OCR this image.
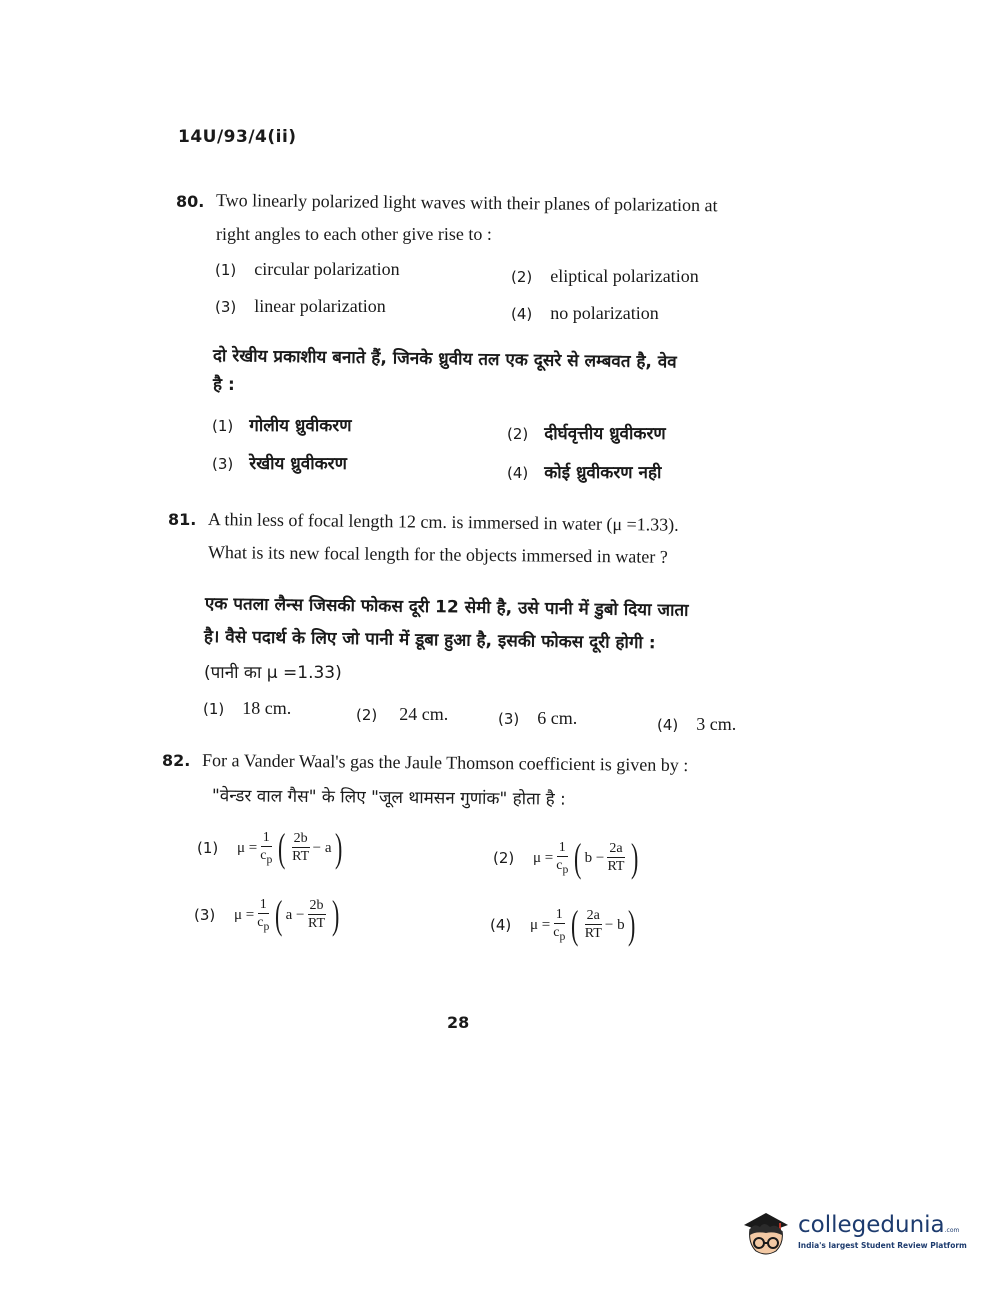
14U/93/4(ii)
80. Two linearly polarized light waves with their planes of polarization at
right angles to each other give rise to :
(1) circular polarization	(2) eliptical polarization
(3) linear polarization	(4) no polarization
दो रेखीय प्रकाशीय बनाते हैं, जिनके ध्रुवीय तल एक दूसरे से लम्बवत है, वेव
है :
(1) गोलीय ध्रुवीकरण	(2) दीर्घवृत्तीय ध्रुवीकरण
(3) रेखीय ध्रुवीकरण	(4) कोई ध्रुवीकरण नही
81. A thin less of focal length 12 cm. is immersed in water (μ =1.33).
What is its new focal length for the objects immersed in water ?
एक पतला लैन्स जिसकी फोकस दूरी 12 सेमी है, उसे पानी में डुबो दिया जाता
है। वैसे पदार्थ के लिए जो पानी में डूबा हुआ है, इसकी फोकस दूरी होगी :
(पानी का μ =1.33)
(1) 18 cm.	(2) 24 cm.	(3) 6 cm.	(4) 3 cm.
82. For a Vander Waal's gas the Jaule Thomson coefficient is given by :
"वेन्डर वाल गैस" के लिए "जूल थामसन गुणांक" होता है :
(1)	$\mu = \frac{1}{c_p}$ ( $\frac{2b}{RT} - a$ )	(2)	$\mu = \frac{1}{c_p}$ ( $b - \frac{2a}{RT}$ )
(3)	$\mu = \frac{1}{c_p}$ ( $a - \frac{2b}{RT}$ )	(4)	$\mu = \frac{1}{c_p}$ ( $\frac{2a}{RT} - b$ )
28
collegedunia.com
India's largest Student Review Platform
